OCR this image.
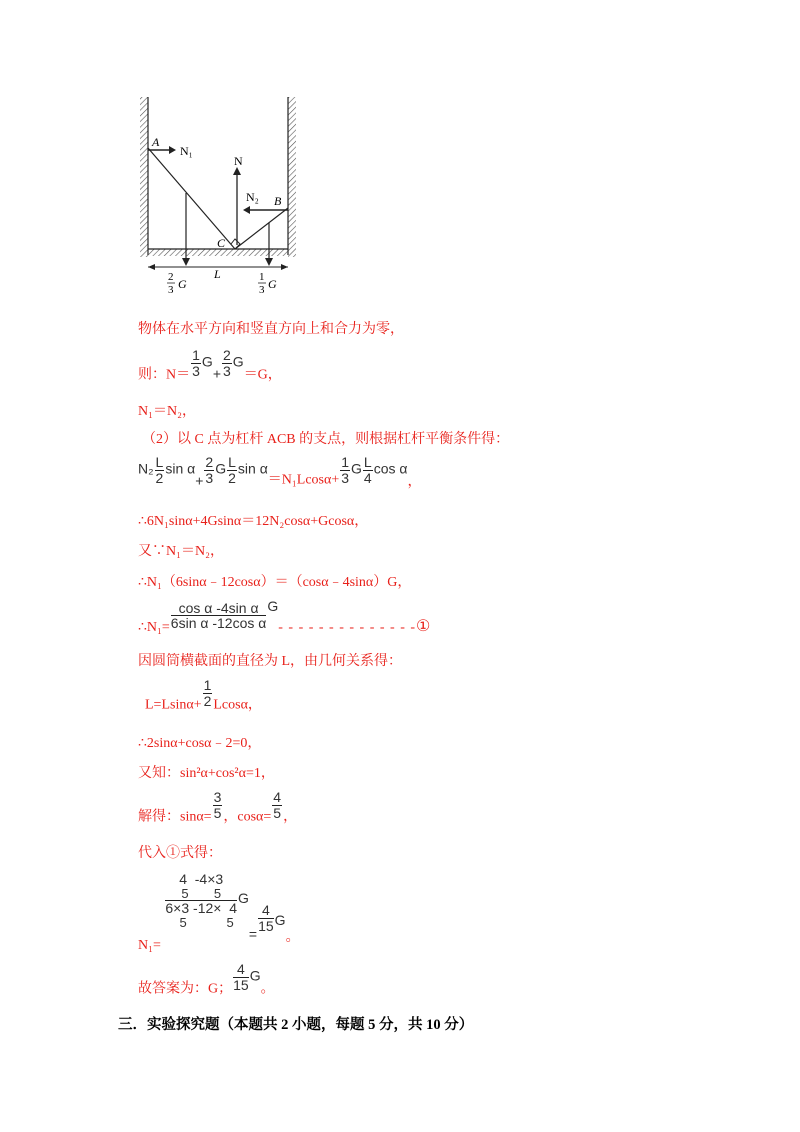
A
N₁
N
N₂ B
C
L
2
3 G	1
3 G
物体在水平方向和竖直方向上和合力为零，
则：$N= \frac{1}{3} G+ \frac{2}{3} G=G$，
N₁＝N₂，
（2）以 C 点为杠杆 ACB 的支点，则根据杠杆平衡条件得：
$N_2 \frac{L}{2}$ $\sin \alpha+ \frac{2}{3}$ G $\frac{L}{2}$ $\sin \alpha=N_1Lcos\alpha+ \frac{1}{3}$ G $\frac{L}{4}$ cos α，
∴6N₁sinα+4Gsinα＝12N₂cosα+Gcosα，
又∵N₁＝N₂，
∴N₁（6sinα﹣12cosα）＝（cosα﹣4sinα）G，
∴N₁= $\frac{\text{cos α -4sin α}}{\text{6sin α -12cos α}} G-$ - - - - - - - - - - - - -①
因圆筒横截面的直径为 L，由几何关系得：
$L=Lsin\alpha+ \frac{1}{2}$ Lcosα，
∴2sinα+cosα﹣2=0，
又知：sin²α+cos²α=1，
解得：$\sin\alpha= \frac{3}{5}$ ，$\cos\alpha= \frac{4}{5}$ ，
代入①式得：
N₁=
4  -4×3
5       5
6×3 -12×  4
5           5 G=
$\frac{4}{15}$ G。
故答案为：G； $\frac{4}{15}$ G。
三．实验探究题（本题共 2 小题，每题 5 分，共 10 分）
